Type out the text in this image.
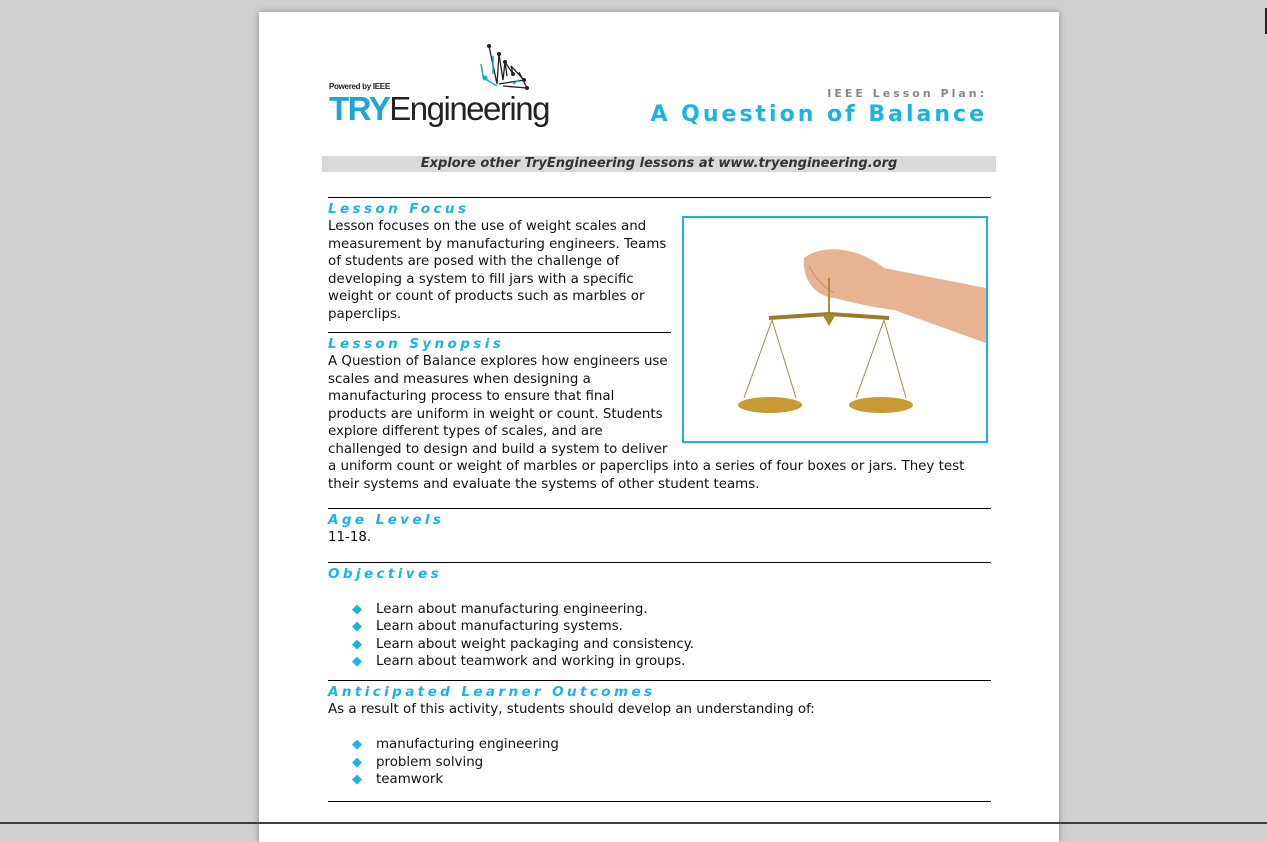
Powered by IEEE
TRYEngineering	IEEE Lesson Plan:
A Question of Balance
Explore other TryEngineering lessons at www.tryengineering.org
Lesson Focus

Lesson focuses on the use of weight scales and measurement by manufacturing engineers. Teams of students are posed with the challenge of developing a system to fill jars with a specific weight or count of products such as marbles or paperclips.

Lesson Synopsis

A Question of Balance explores how engineers use scales and measures when designing a manufacturing process to ensure that final products are uniform in weight or count. Students explore different types of scales, and are challenged to design and build a system to deliver a uniform count or weight of marbles or paperclips into a series of four boxes or jars. They test their systems and evaluate the systems of other student teams.

Age Levels

11-18.

Objectives
◆ Learn about manufacturing engineering.
◆ Learn about manufacturing systems.
◆ Learn about weight packaging and consistency.
◆ Learn about teamwork and working in groups.
Anticipated Learner Outcomes

As a result of this activity, students should develop an understanding of:

◆ manufacturing engineering
◆ problem solving
◆ teamwork
